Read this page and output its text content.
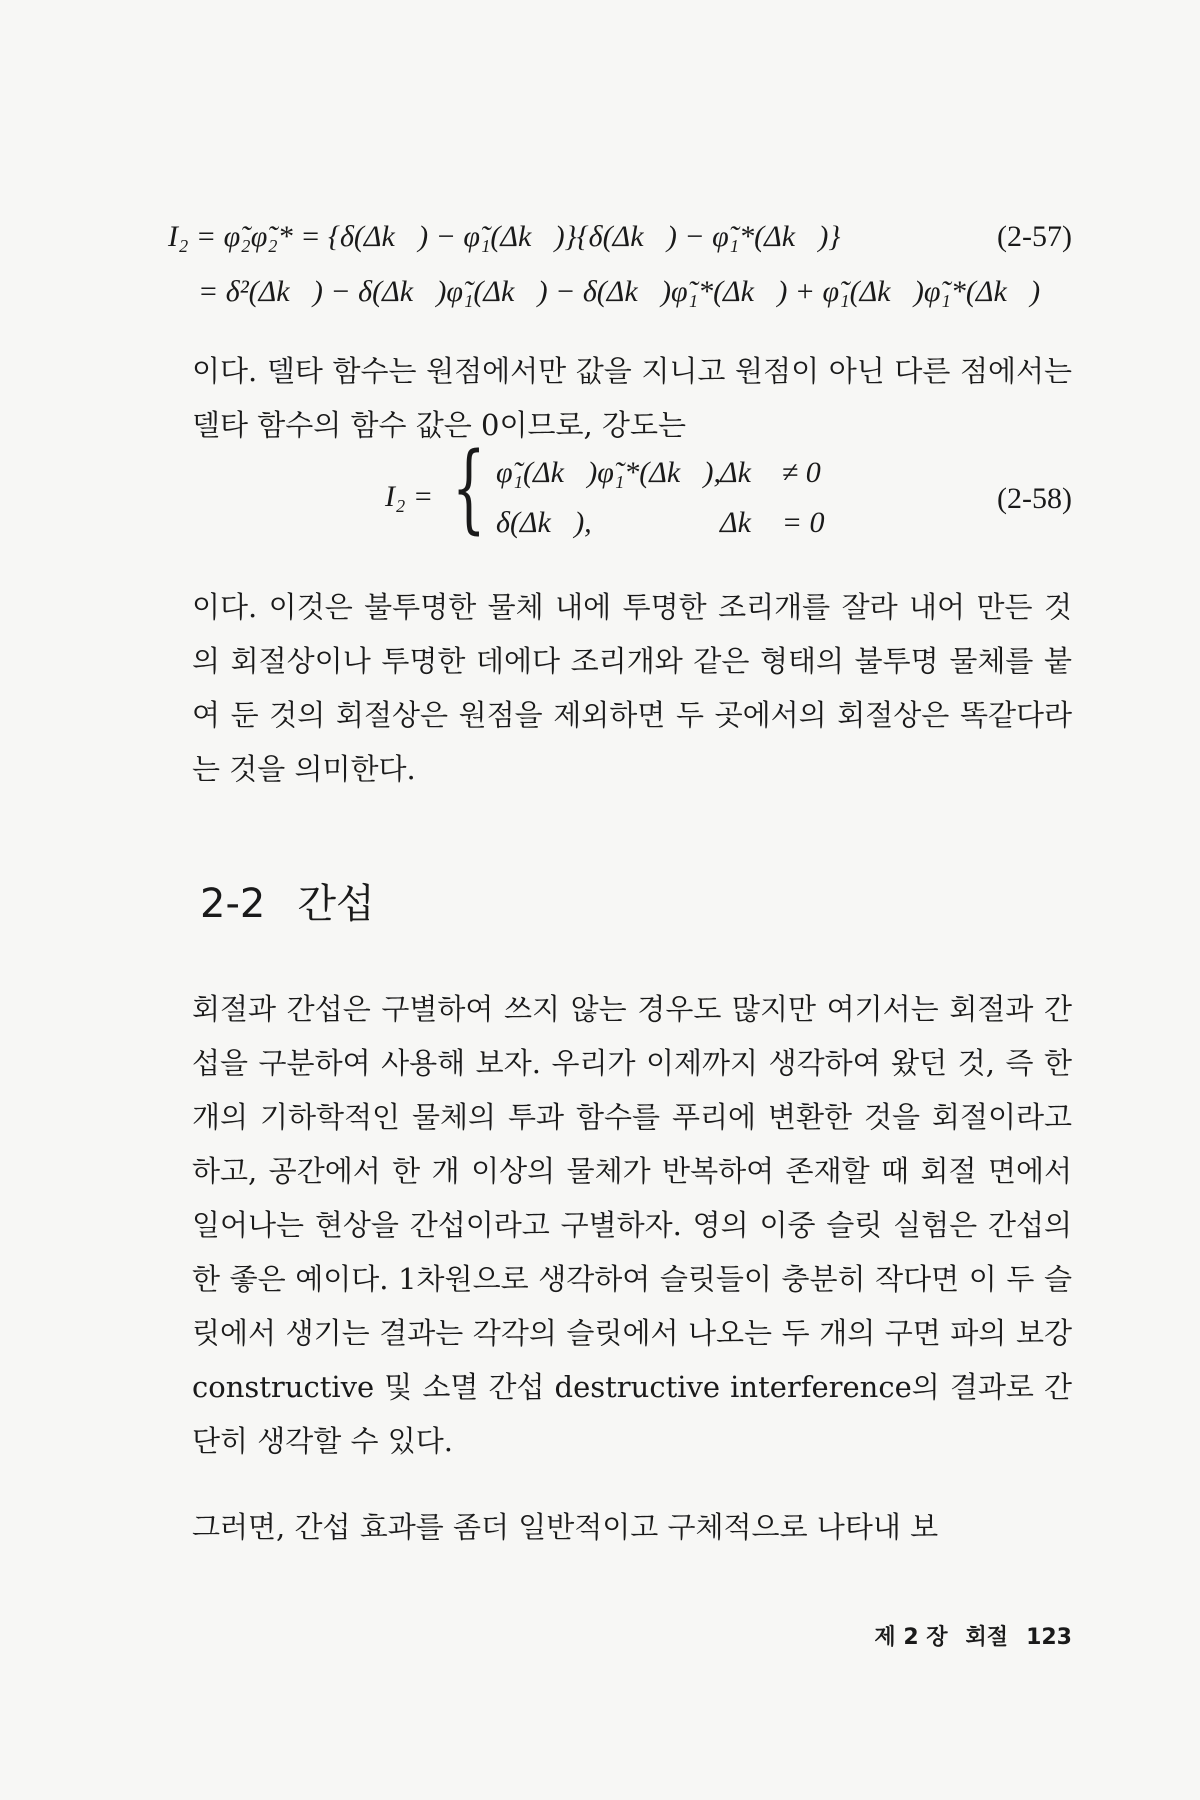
I₂ = φ̃₂φ̃₂* = {δ(Δk⃗) − φ̃₁(Δk⃗)}{δ(Δk⃗) − φ̃₁*(Δk⃗)}	(2-57)
= δ²(Δk⃗) − δ(Δk⃗)φ̃₁(Δk⃗) − δ(Δk⃗)φ̃₁*(Δk⃗) + φ̃₁(Δk⃗)φ̃₁*(Δk⃗)
이다. 델타 함수는 원점에서만 값을 지니고 원점이 아닌 다른 점에서는 델타 함수의 함수 값은 0이므로, 강도는
I₂ = { φ̃₁(Δk⃗)φ̃₁*(Δk⃗),
Δk⃗ ≠ 0
δ(Δk⃗),	Δk⃗ = 0
(2-58)
이다. 이것은 불투명한 물체 내에 투명한 조리개를 잘라 내어 만든 것의 회절상이나 투명한 데에다 조리개와 같은 형태의 불투명 물체를 붙여 둔 것의 회절상은 원점을 제외하면 두 곳에서의 회절상은 똑같다라는 것을 의미한다.
2-2 간섭
회절과 간섭은 구별하여 쓰지 않는 경우도 많지만 여기서는 회절과 간섭을 구분하여 사용해 보자. 우리가 이제까지 생각하여 왔던 것, 즉 한 개의 기하학적인 물체의 투과 함수를 푸리에 변환한 것을 회절이라고 하고, 공간에서 한 개 이상의 물체가 반복하여 존재할 때 회절 면에서 일어나는 현상을 간섭이라고 구별하자. 영의 이중 슬릿 실험은 간섭의 한 좋은 예이다. 1차원으로 생각하여 슬릿들이 충분히 작다면 이 두 슬릿에서 생기는 결과는 각각의 슬릿에서 나오는 두 개의 구면 파의 보강 constructive 및 소멸 간섭 destructive interference의 결과로 간단히 생각할 수 있다.
그러면, 간섭 효과를 좀더 일반적이고 구체적으로 나타내 보
제 2 장 회절 123
